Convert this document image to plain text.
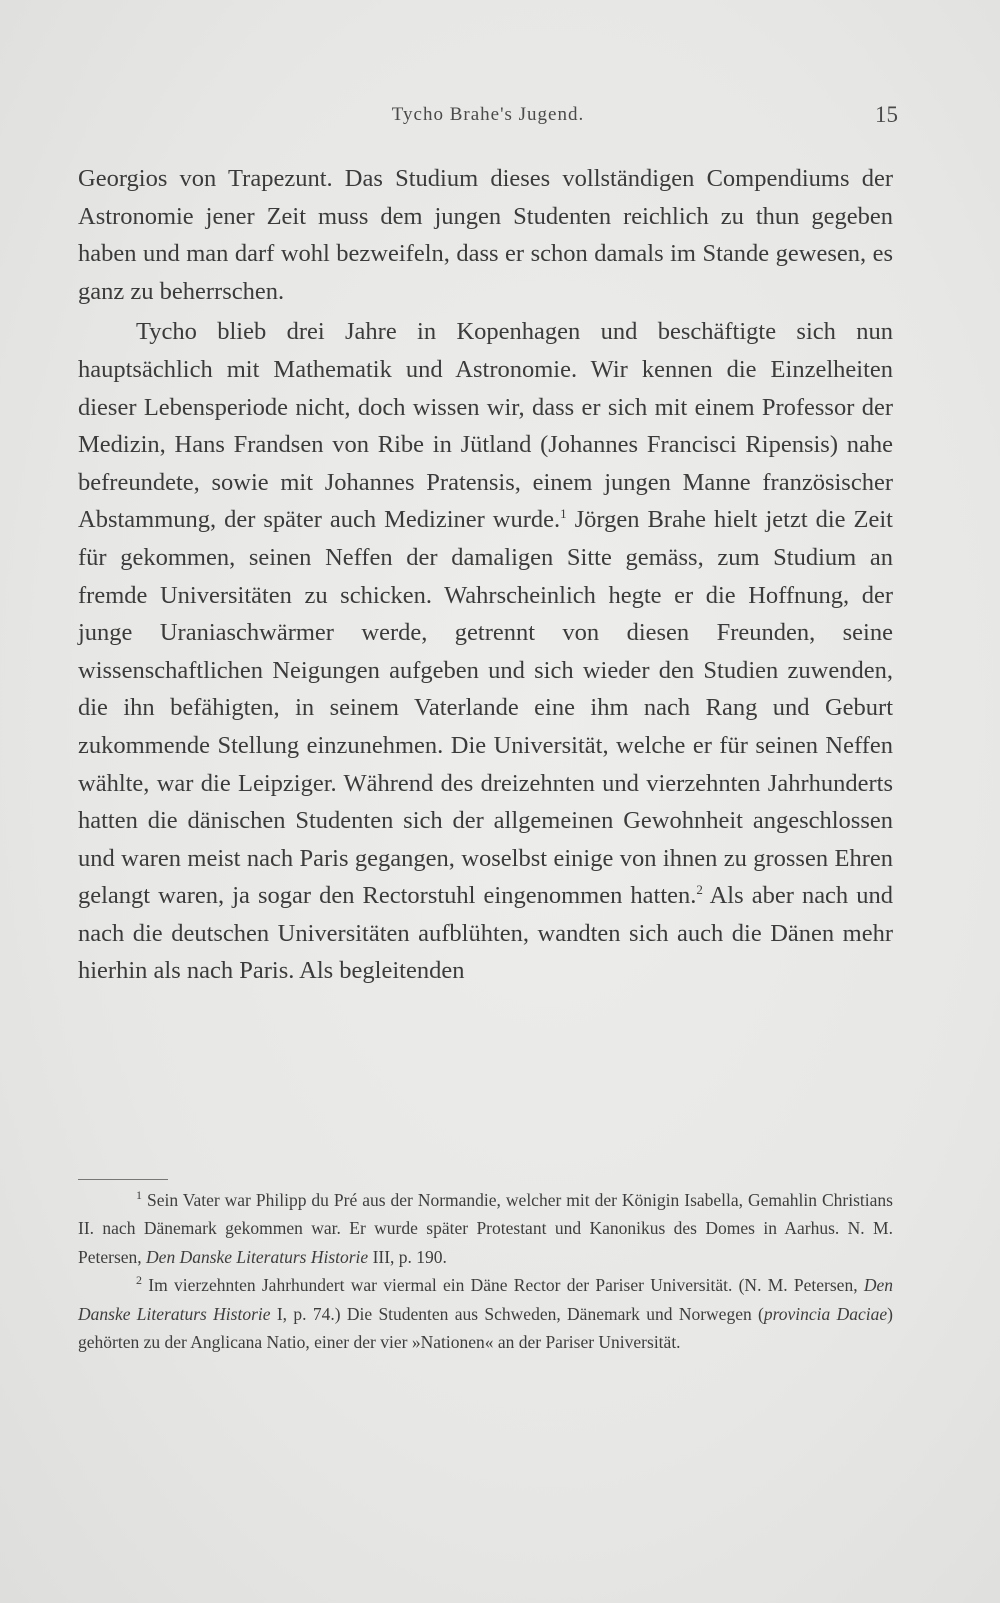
Tycho Brahe's Jugend.	15

Georgios von Trapezunt. Das Studium dieses vollständigen Compendiums der Astronomie jener Zeit muss dem jungen Studenten reichlich zu thun gegeben haben und man darf wohl bezweifeln, dass er schon damals im Stande gewesen, es ganz zu beherrschen.

Tycho blieb drei Jahre in Kopenhagen und beschäftigte sich nun hauptsächlich mit Mathematik und Astronomie. Wir kennen die Einzelheiten dieser Lebensperiode nicht, doch wissen wir, dass er sich mit einem Professor der Medizin, Hans Frandsen von Ribe in Jütland (Johannes Francisci Ripensis) nahe befreundete, sowie mit Johannes Pratensis, einem jungen Manne französischer Abstammung, der später auch Mediziner wurde.$^1$ Jörgen Brahe hielt jetzt die Zeit für gekommen, seinen Neffen der damaligen Sitte gemäss, zum Studium an fremde Universitäten zu schicken. Wahrscheinlich hegte er die Hoffnung, der junge Uraniaschwärmer werde, getrennt von diesen Freunden, seine wissenschaftlichen Neigungen aufgeben und sich wieder den Studien zuwenden, die ihn befähigten, in seinem Vaterlande eine ihm nach Rang und Geburt zukommende Stellung einzunehmen. Die Universität, welche er für seinen Neffen wählte, war die Leipziger. Während des dreizehnten und vierzehnten Jahrhunderts hatten die dänischen Studenten sich der allgemeinen Gewohnheit angeschlossen und waren meist nach Paris gegangen, woselbst einige von ihnen zu grossen Ehren gelangt waren, ja sogar den Rectorstuhl eingenommen hatten.$^2$ Als aber nach und nach die deutschen Universitäten aufblühten, wandten sich auch die Dänen mehr hierhin als nach Paris. Als begleitenden

$^1$ Sein Vater war Philipp du Pré aus der Normandie, welcher mit der Königin Isabella, Gemahlin Christians II. nach Dänemark gekommen war. Er wurde später Protestant und Kanonikus des Domes in Aarhus. N. M. Petersen, Den Danske Literaturs Historie III, p. 190.

$^2$ Im vierzehnten Jahrhundert war viermal ein Däne Rector der Pariser Universität. (N. M. Petersen, Den Danske Literaturs Historie I, p. 74.) Die Studenten aus Schweden, Dänemark und Norwegen (provincia Daciae) gehörten zu der Anglicana Natio, einer der vier »Nationen« an der Pariser Universität.
